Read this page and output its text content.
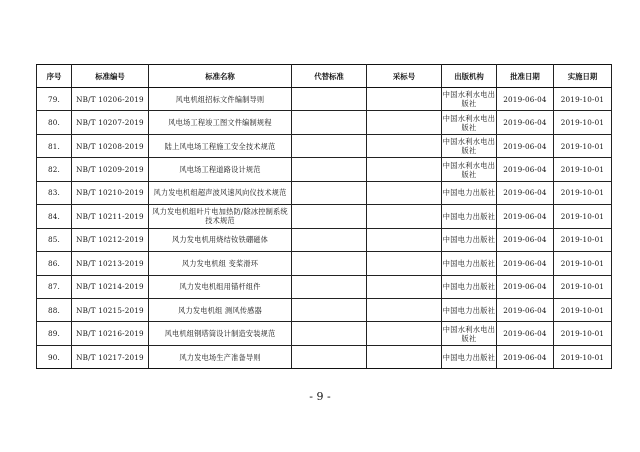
序号	标准编号	标准名称	代替标准	采标号	出版机构	批准日期	实施日期
79.	NB/T 10206-2019	风电机组招标文件编制导则			中国水利水电出版社	2019-06-04	2019-10-01
80.	NB/T 10207-2019	风电场工程竣工图文件编制规程			中国水利水电出版社	2019-06-04	2019-10-01
81.	NB/T 10208-2019	陆上风电场工程施工安全技术规范			中国水利水电出版社	2019-06-04	2019-10-01
82.	NB/T 10209-2019	风电场工程道路设计规范			中国水利水电出版社	2019-06-04	2019-10-01
83.	NB/T 10210-2019	风力发电机组超声波风速风向仪技术规范			中国电力出版社	2019-06-04	2019-10-01
84.	NB/T 10211-2019	风力发电机组叶片电加热防/除冰控制系统技术规范			中国电力出版社	2019-06-04	2019-10-01
85.	NB/T 10212-2019	风力发电机用烧结钕铁硼磁体			中国电力出版社	2019-06-04	2019-10-01
86.	NB/T 10213-2019	风力发电机组 变桨滑环			中国电力出版社	2019-06-04	2019-10-01
87.	NB/T 10214-2019	风力发电机组用锚杆组件			中国电力出版社	2019-06-04	2019-10-01
88.	NB/T 10215-2019	风力发电机组 测风传感器			中国电力出版社	2019-06-04	2019-10-01
89.	NB/T 10216-2019	风电机组钢塔筒设计制造安装规范			中国水利水电出版社	2019-06-04	2019-10-01
90.	NB/T 10217-2019	风力发电场生产准备导则			中国电力出版社	2019-06-04	2019-10-01
- 9 -
